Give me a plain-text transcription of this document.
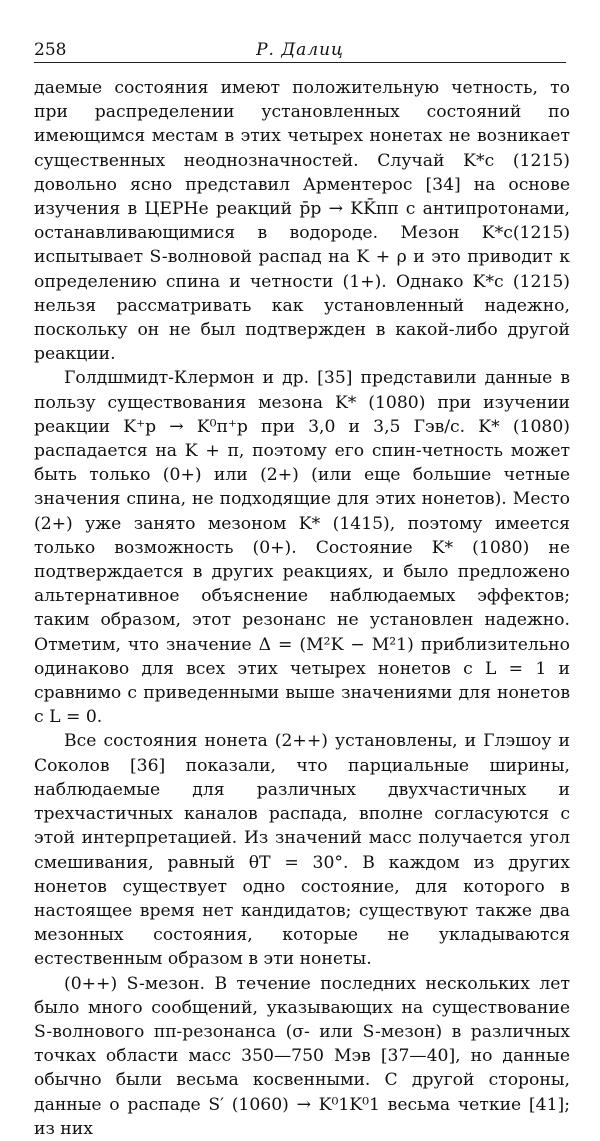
258	Р. Далиц

даемые состояния имеют положительную четность, то при распределении установленных состояний по имеющимся местам в этих четырех нонетах не возникает существенных неоднозначностей. Случай K*c (1215) довольно ясно представил Арментерос [34] на основе изучения в ЦЕРНе реакций p̄p → KK̄ππ с антипротонами, останавливающимися в водороде. Мезон K*c(1215) испытывает S-волновой распад на K + ρ и это приводит к определению спина и четности (1+). Однако K*c (1215) нельзя рассматривать как установленный надежно, поскольку он не был подтвержден в какой-либо другой реакции.

Голдшмидт-Клермон и др. [35] представили данные в пользу существования мезона K* (1080) при изучении реакции K⁺p → K⁰π⁺p при 3,0 и 3,5 Гэв/с. K* (1080) распадается на K + π, поэтому его спин-четность может быть только (0+) или (2+) (или еще большие четные значения спина, не подходящие для этих нонетов). Место (2+) уже занято мезоном K* (1415), поэтому имеется только возможность (0+). Состояние K* (1080) не подтверждается в других реакциях, и было предложено альтернативное объяснение наблюдаемых эффектов; таким образом, этот резонанс не установлен надежно. Отметим, что значение Δ = (M²K − M²1) приблизительно одинаково для всех этих четырех нонетов с L = 1 и сравнимо с приведенными выше значениями для нонетов с L = 0.

Все состояния нонета (2++) установлены, и Глэшоу и Соколов [36] показали, что парциальные ширины, наблюдаемые для различных двухчастичных и трехчастичных каналов распада, вполне согласуются с этой интерпретацией. Из значений масс получается угол смешивания, равный θT = 30°. В каждом из других нонетов существует одно состояние, для которого в настоящее время нет кандидатов; существуют также два мезонных состояния, которые не укладываются естественным образом в эти нонеты.

(0++) S-мезон. В течение последних нескольких лет было много сообщений, указывающих на существование S-волнового ππ-резонанса (σ- или S-мезон) в различных точках области масс 350—750 Мэв [37—40], но данные обычно были весьма косвенными. С другой стороны, данные о распаде S′ (1060) → K⁰1K⁰1 весьма четкие [41]; из них
